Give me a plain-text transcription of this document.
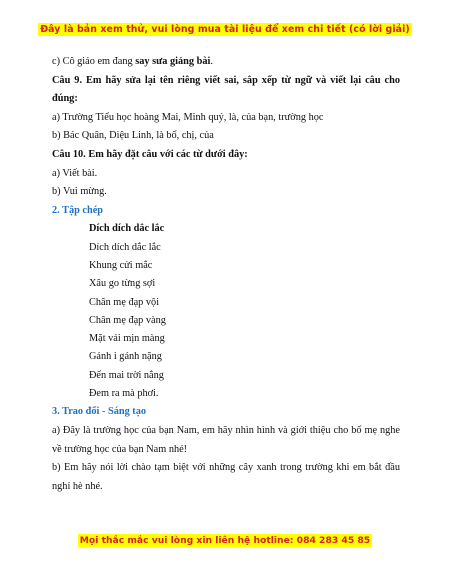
Đây là bản xem thử, vui lòng mua tài liệu để xem chi tiết (có lời giải)

c) Cô giáo em đang say sưa giảng bài.

Câu 9. Em hãy sửa lại tên riêng viết sai, sắp xếp từ ngữ và viết lại câu cho đúng:

a) Trường Tiểu học hoàng Mai, Minh quý, là, của bạn, trường học

b) Bác Quân, Diệu Linh, là bố, chị, của

Câu 10. Em hãy đặt câu với các từ dưới đây:

a) Viết bài.

b) Vui mừng.

2. Tập chép

Dích dích dắc lắc

Dích dích dắc lắc

Khung cửi mắc

Xâu go từng sợi

Chân mẹ đạp vội

Chân mẹ đạp vàng

Mặt vải mịn màng

Gánh i gánh nặng

Đến mai trời nắng

Đem ra mà phơi.

3. Trao đổi - Sáng tạo

a) Đây là trường học của bạn Nam, em hãy nhìn hình và giới thiệu cho bố mẹ nghe về trường học của bạn Nam nhé!

b) Em hãy nói lời chào tạm biệt với những cây xanh trong trường khi em bắt đầu nghỉ hè nhé.

Mọi thắc mắc vui lòng xin liên hệ hotline: 084 283 45 85
